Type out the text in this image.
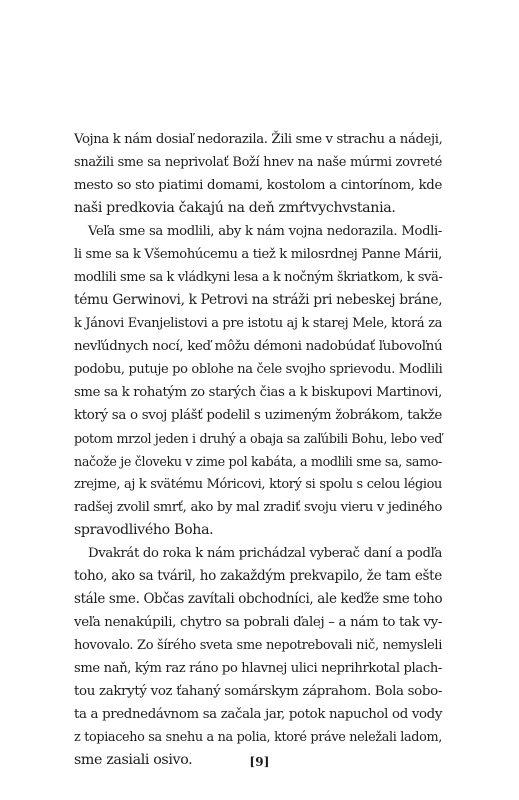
Vojna k nám dosiaľ nedorazila. Žili sme v strachu a nádeji,
snažili sme sa neprivolať Boží hnev na naše múrmi zovreté
mesto so sto piatimi domami, kostolom a cintorínom, kde
naši predkovia čakajú na deň zmŕtvychvstania.
Veľa sme sa modlili, aby k nám vojna nedorazila. Modli-
li sme sa k Všemohúcemu a tiež k milosrdnej Panne Márii,
modlili sme sa k vládkyni lesa a k nočným škriatkom, k svä-
tému Gerwinovi, k Petrovi na stráži pri nebeskej bráne,
k Jánovi Evanjelistovi a pre istotu aj k starej Mele, ktorá za
nevľúdnych nocí, keď môžu démoni nadobúdať ľubovoľnú
podobu, putuje po oblohe na čele svojho sprievodu. Modlili
sme sa k rohatým zo starých čias a k biskupovi Martinovi,
ktorý sa o svoj plášť podelil s uzimeným žobrákom, takže
potom mrzol jeden i druhý a obaja sa zaľúbili Bohu, lebo veď
načože je človeku v zime pol kabáta, a modlili sme sa, samo-
zrejme, aj k svätému Móricovi, ktorý si spolu s celou légiou
radšej zvolil smrť, ako by mal zradiť svoju vieru v jediného
spravodlivého Boha.
Dvakrát do roka k nám prichádzal vyberač daní a podľa
toho, ako sa tváril, ho zakaždým prekvapilo, že tam ešte
stále sme. Občas zavítali obchodníci, ale keďže sme toho
veľa nenakúpili, chytro sa pobrali ďalej – a nám to tak vy-
hovovalo. Zo šírého sveta sme nepotrebovali nič, nemysleli
sme naň, kým raz ráno po hlavnej ulici neprihrkotal plach-
tou zakrytý voz ťahaný somárskym záprahom. Bola sobo-
ta a prednedávnom sa začala jar, potok napuchol od vody
z topiaceho sa snehu a na polia, ktoré práve neležali ladom,
sme zasiali osivo.	[9]
